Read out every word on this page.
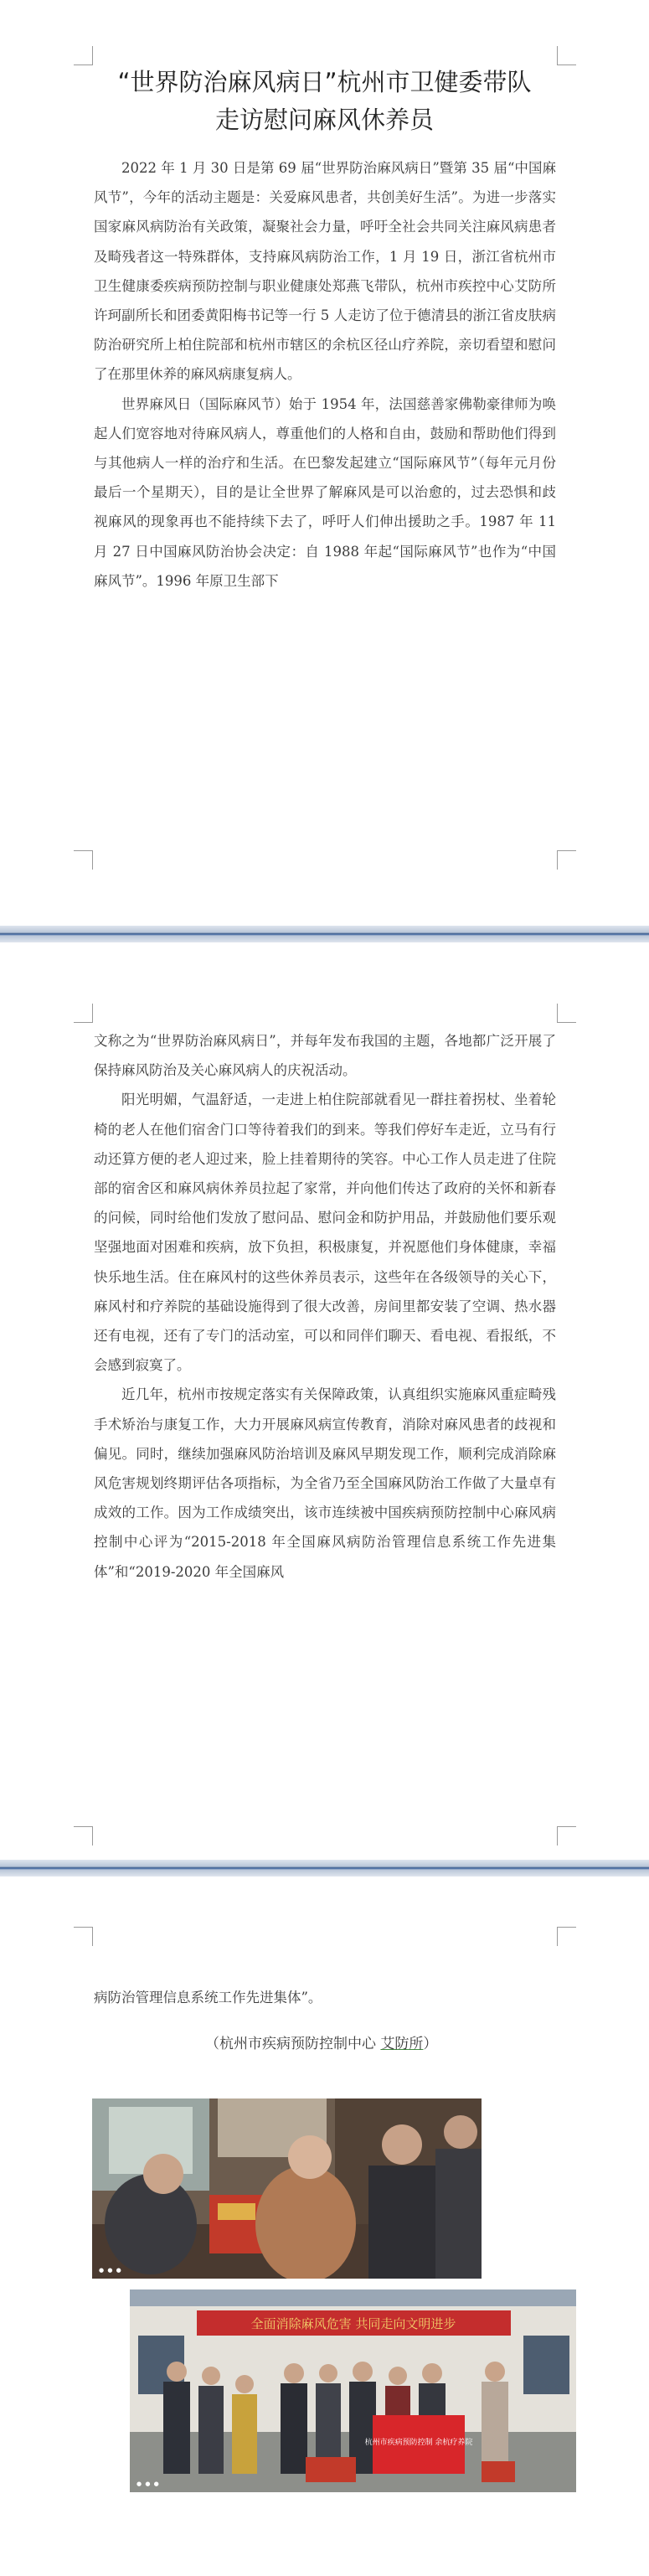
“世界防治麻风病日”杭州市卫健委带队
走访慰问麻风休养员

2022 年 1 月 30 日是第 69 届“世界防治麻风病日”暨第 35 届“中国麻风节”，今年的活动主题是：关爱麻风患者，共创美好生活”。为进一步落实国家麻风病防治有关政策，凝聚社会力量，呼吁全社会共同关注麻风病患者及畸残者这一特殊群体，支持麻风病防治工作，1 月 19 日，浙江省杭州市卫生健康委疾病预防控制与职业健康处郑燕飞带队，杭州市疾控中心艾防所许珂副所长和团委黄阳梅书记等一行 5 人走访了位于德清县的浙江省皮肤病防治研究所上柏住院部和杭州市辖区的余杭区径山疗养院，亲切看望和慰问了在那里休养的麻风病康复病人。

世界麻风日（国际麻风节）始于 1954 年，法国慈善家佛勒豪律师为唤起人们宽容地对待麻风病人，尊重他们的人格和自由，鼓励和帮助他们得到与其他病人一样的治疗和生活。在巴黎发起建立“国际麻风节”（每年元月份最后一个星期天），目的是让全世界了解麻风是可以治愈的，过去恐惧和歧视麻风的现象再也不能持续下去了，呼吁人们伸出援助之手。1987 年 11 月 27 日中国麻风防治协会决定：自 1988 年起“国际麻风节”也作为“中国麻风节”。1996 年原卫生部下

文称之为“世界防治麻风病日”，并每年发布我国的主题，各地都广泛开展了保持麻风防治及关心麻风病人的庆祝活动。

阳光明媚，气温舒适，一走进上柏住院部就看见一群拄着拐杖、坐着轮椅的老人在他们宿舍门口等待着我们的到来。等我们停好车走近，立马有行动还算方便的老人迎过来，脸上挂着期待的笑容。中心工作人员走进了住院部的宿舍区和麻风病休养员拉起了家常，并向他们传达了政府的关怀和新春的问候，同时给他们发放了慰问品、慰问金和防护用品，并鼓励他们要乐观坚强地面对困难和疾病，放下负担，积极康复，并祝愿他们身体健康，幸福快乐地生活。住在麻风村的这些休养员表示，这些年在各级领导的关心下，麻风村和疗养院的基础设施得到了很大改善，房间里都安装了空调、热水器还有电视，还有了专门的活动室，可以和同伴们聊天、看电视、看报纸，不会感到寂寞了。

近几年，杭州市按规定落实有关保障政策，认真组织实施麻风重症畸残手术矫治与康复工作，大力开展麻风病宣传教育，消除对麻风患者的歧视和偏见。同时，继续加强麻风防治培训及麻风早期发现工作，顺利完成消除麻风危害规划终期评估各项指标，为全省乃至全国麻风防治工作做了大量卓有成效的工作。因为工作成绩突出，该市连续被中国疾病预防控制中心麻风病控制中心评为“2015-2018 年全国麻风病防治管理信息系统工作先进集体”和“2019-2020 年全国麻风

病防治管理信息系统工作先进集体”。

（杭州市疾病预防控制中心 艾防所）
● ● ●
全面消除麻风危害 共同走向文明进步
杭州市疾病预防控制 余杭疗养院
● ● ●
